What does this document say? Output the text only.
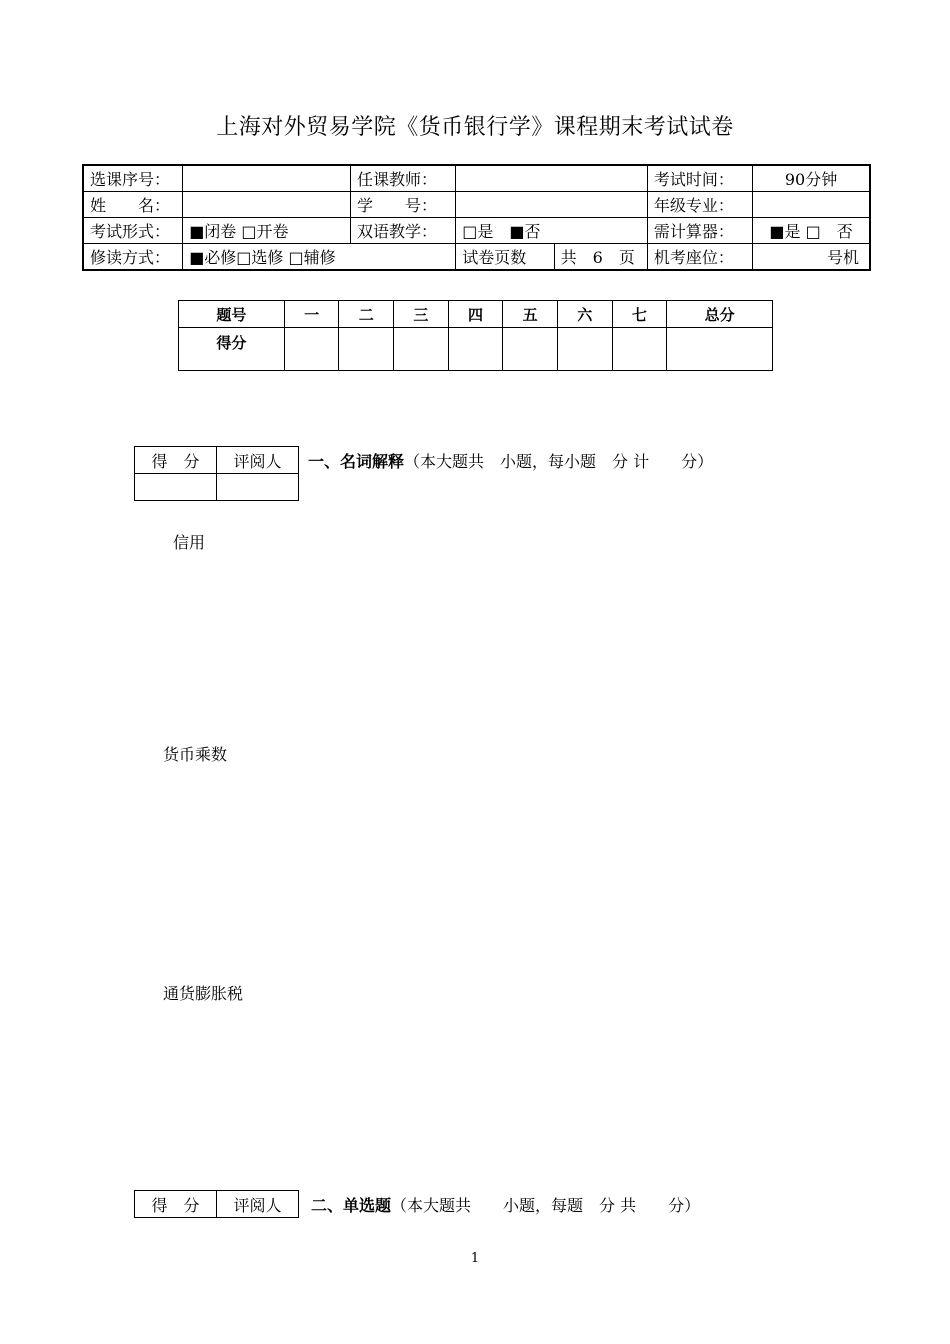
上海对外贸易学院《货币银行学》课程期末考试试卷
选课序号：		任课教师：			考试时间：	90分钟
姓　　名：		学　　号：			年级专业：	
考试形式：	■闭卷 □开卷	双语教学：	□是　■否		需计算器：	■是 □　否
修读方式：	■必修□选修 □辅修		试卷页数	共　6　页	机考座位：	号机
题号	一	二	三	四	五	六	七	总分
得分								
得　分	评阅人
	一、名词解释（本大题共　小题，每小题　分 计　　分）
信用
货币乘数
通货膨胀税
得　分	评阅人 二、单选题（本大题共　　小题，每题　分 共　　分）
1
